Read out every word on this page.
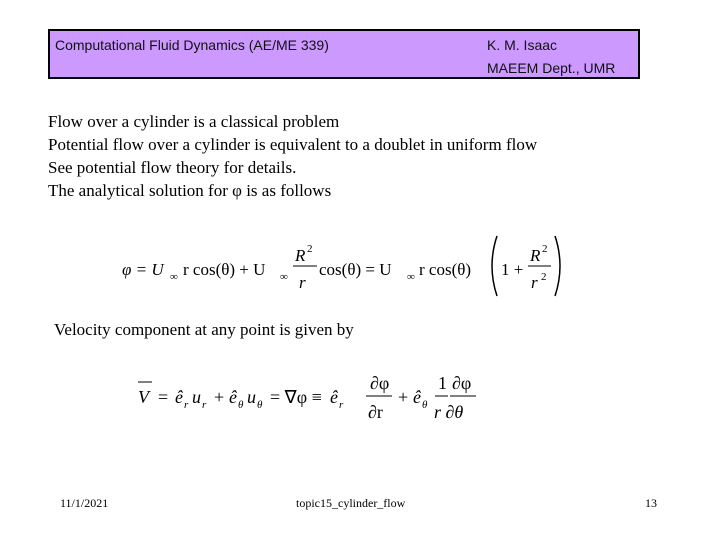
Computational Fluid Dynamics (AE/ME 339)	K. M. Isaac
MAEEM Dept., UMR
Flow over a cylinder is a classical problem
Potential flow over a cylinder is equivalent to a doublet in uniform flow
See potential flow theory for details.
The analytical solution for φ is as follows
φ = U ∞ r cos(θ) + U ∞
R 2
r
cos(θ) = U ∞ r cos(θ) 1 +
R 2
r 2
Velocity component at any point is given by
V = ê r u r + ê θ u θ = ∇φ ≡ ê r
∂φ
∂r
+ ê θ
1
r ∂θ
∂φ
11/1/2021	topic15_cylinder_flow	13
